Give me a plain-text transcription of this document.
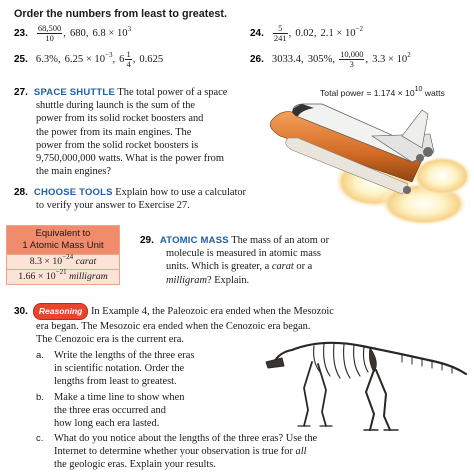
Order the numbers from least to greatest.
23. $\frac{68,500}{10}$ , 680, $6.8 \times 10^3$	24. $\frac{5}{241}$ , 0.02, $2.1 \times 10^{-2}$
25. 6.3%, $6.25 \times 10^{-3}$, $6 \frac{1}{4}$ , 0.625	26. 3033.4, 305%, $\frac{10,000}{3}$ , $3.3 \times 10^2$
27. SPACE SHUTTLE The total power of a space
shuttle during launch is the sum of the
power from its solid rocket boosters and
the power from its main engines. The
power from the solid rocket boosters is
9,750,000,000 watts. What is the power from
the main engines?
Total power = $1.174 \times 10^{10}$ watts
28. CHOOSE TOOLS Explain how to use a calculator
to verify your answer to Exercise 27.
Equivalent to
1 Atomic Mass Unit
$8.3 \times 10^{-24}$ carat
$1.66 \times 10^{-21}$ milligram
29. ATOMIC MASS The mass of an atom or
molecule is measured in atomic mass
units. Which is greater, a carat or a
milligram? Explain.
30. Reasoning In Example 4, the Paleozoic era ended when the Mesozoic
era began. The Mesozoic era ended when the Cenozoic era began.
The Cenozoic era is the current era.
a. Write the lengths of the three eras
in scientific notation. Order the
lengths from least to greatest.
b. Make a time line to show when
the three eras occurred and
how long each era lasted.
c. What do you notice about the lengths of the three eras? Use the
Internet to determine whether your observation is true for all
the geologic eras. Explain your results.
